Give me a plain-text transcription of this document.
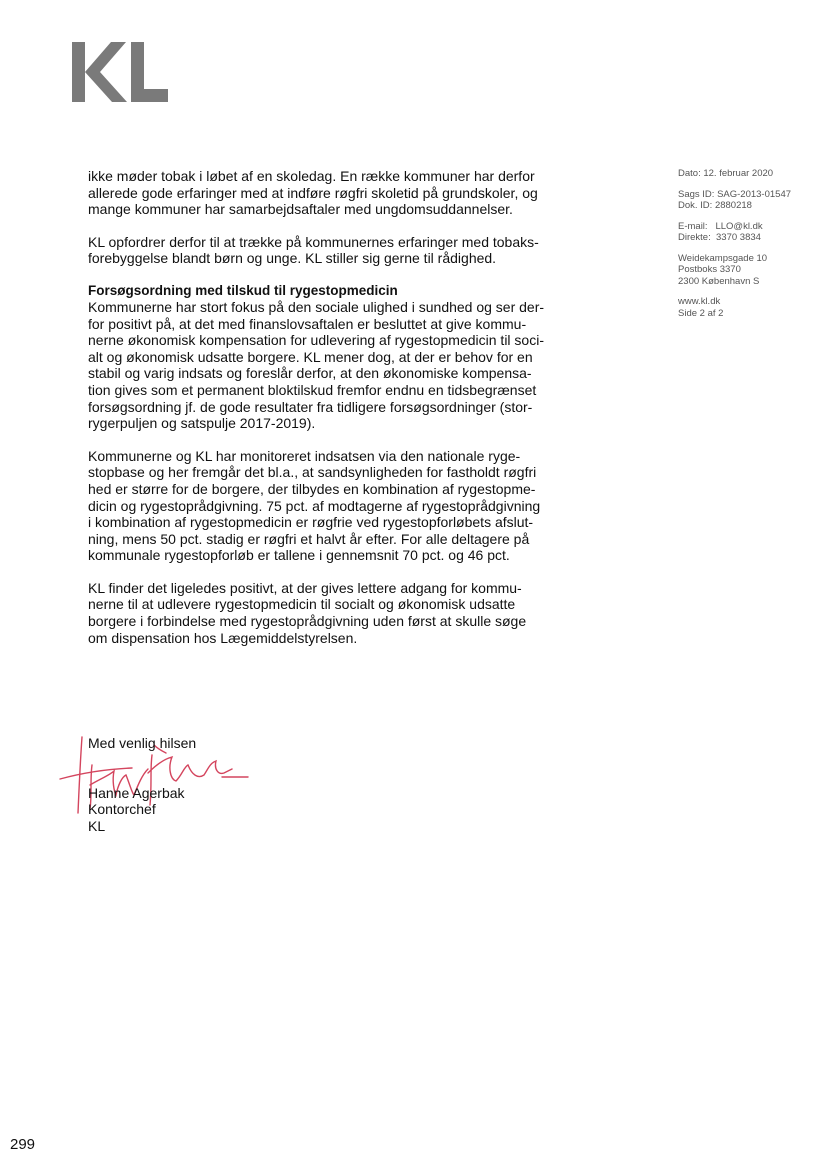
ikke møder tobak i løbet af en skoledag. En række kommuner har derfor
allerede gode erfaringer med at indføre røgfri skoletid på grundskoler, og
mange kommuner har samarbejdsaftaler med ungdomsuddannelser.
KL opfordrer derfor til at trække på kommunernes erfaringer med tobaks-
forebyggelse blandt børn og unge. KL stiller sig gerne til rådighed.
Forsøgsordning med tilskud til rygestopmedicin
Kommunerne har stort fokus på den sociale ulighed i sundhed og ser der-
for positivt på, at det med finanslovsaftalen er besluttet at give kommu-
nerne økonomisk kompensation for udlevering af rygestopmedicin til soci-
alt og økonomisk udsatte borgere. KL mener dog, at der er behov for en
stabil og varig indsats og foreslår derfor, at den økonomiske kompensa-
tion gives som et permanent bloktilskud fremfor endnu en tidsbegrænset
forsøgsordning jf. de gode resultater fra tidligere forsøgsordninger (stor-
rygerpuljen og satspulje 2017-2019).
Kommunerne og KL har monitoreret indsatsen via den nationale ryge-
stopbase og her fremgår det bl.a., at sandsynligheden for fastholdt røgfri
hed er større for de borgere, der tilbydes en kombination af rygestopme-
dicin og rygestoprådgivning. 75 pct. af modtagerne af rygestoprådgivning
i kombination af rygestopmedicin er røgfrie ved rygestopforløbets afslut-
ning, mens 50 pct. stadig er røgfri et halvt år efter. For alle deltagere på
kommunale rygestopforløb er tallene i gennemsnit 70 pct. og 46 pct.
KL finder det ligeledes positivt, at der gives lettere adgang for kommu-
nerne til at udlevere rygestopmedicin til socialt og økonomisk udsatte
borgere i forbindelse med rygestoprådgivning uden først at skulle søge
om dispensation hos Lægemiddelstyrelsen.
Dato: 12. februar 2020
Sags ID: SAG-2013-01547
Dok. ID: 2880218
E-mail:   LLO@kl.dk
Direkte:  3370 3834
Weidekampsgade 10
Postboks 3370
2300 København S
www.kl.dk
Side 2 af 2
Med venlig hilsen

Hanne Agerbak
Kontorchef
KL
299
